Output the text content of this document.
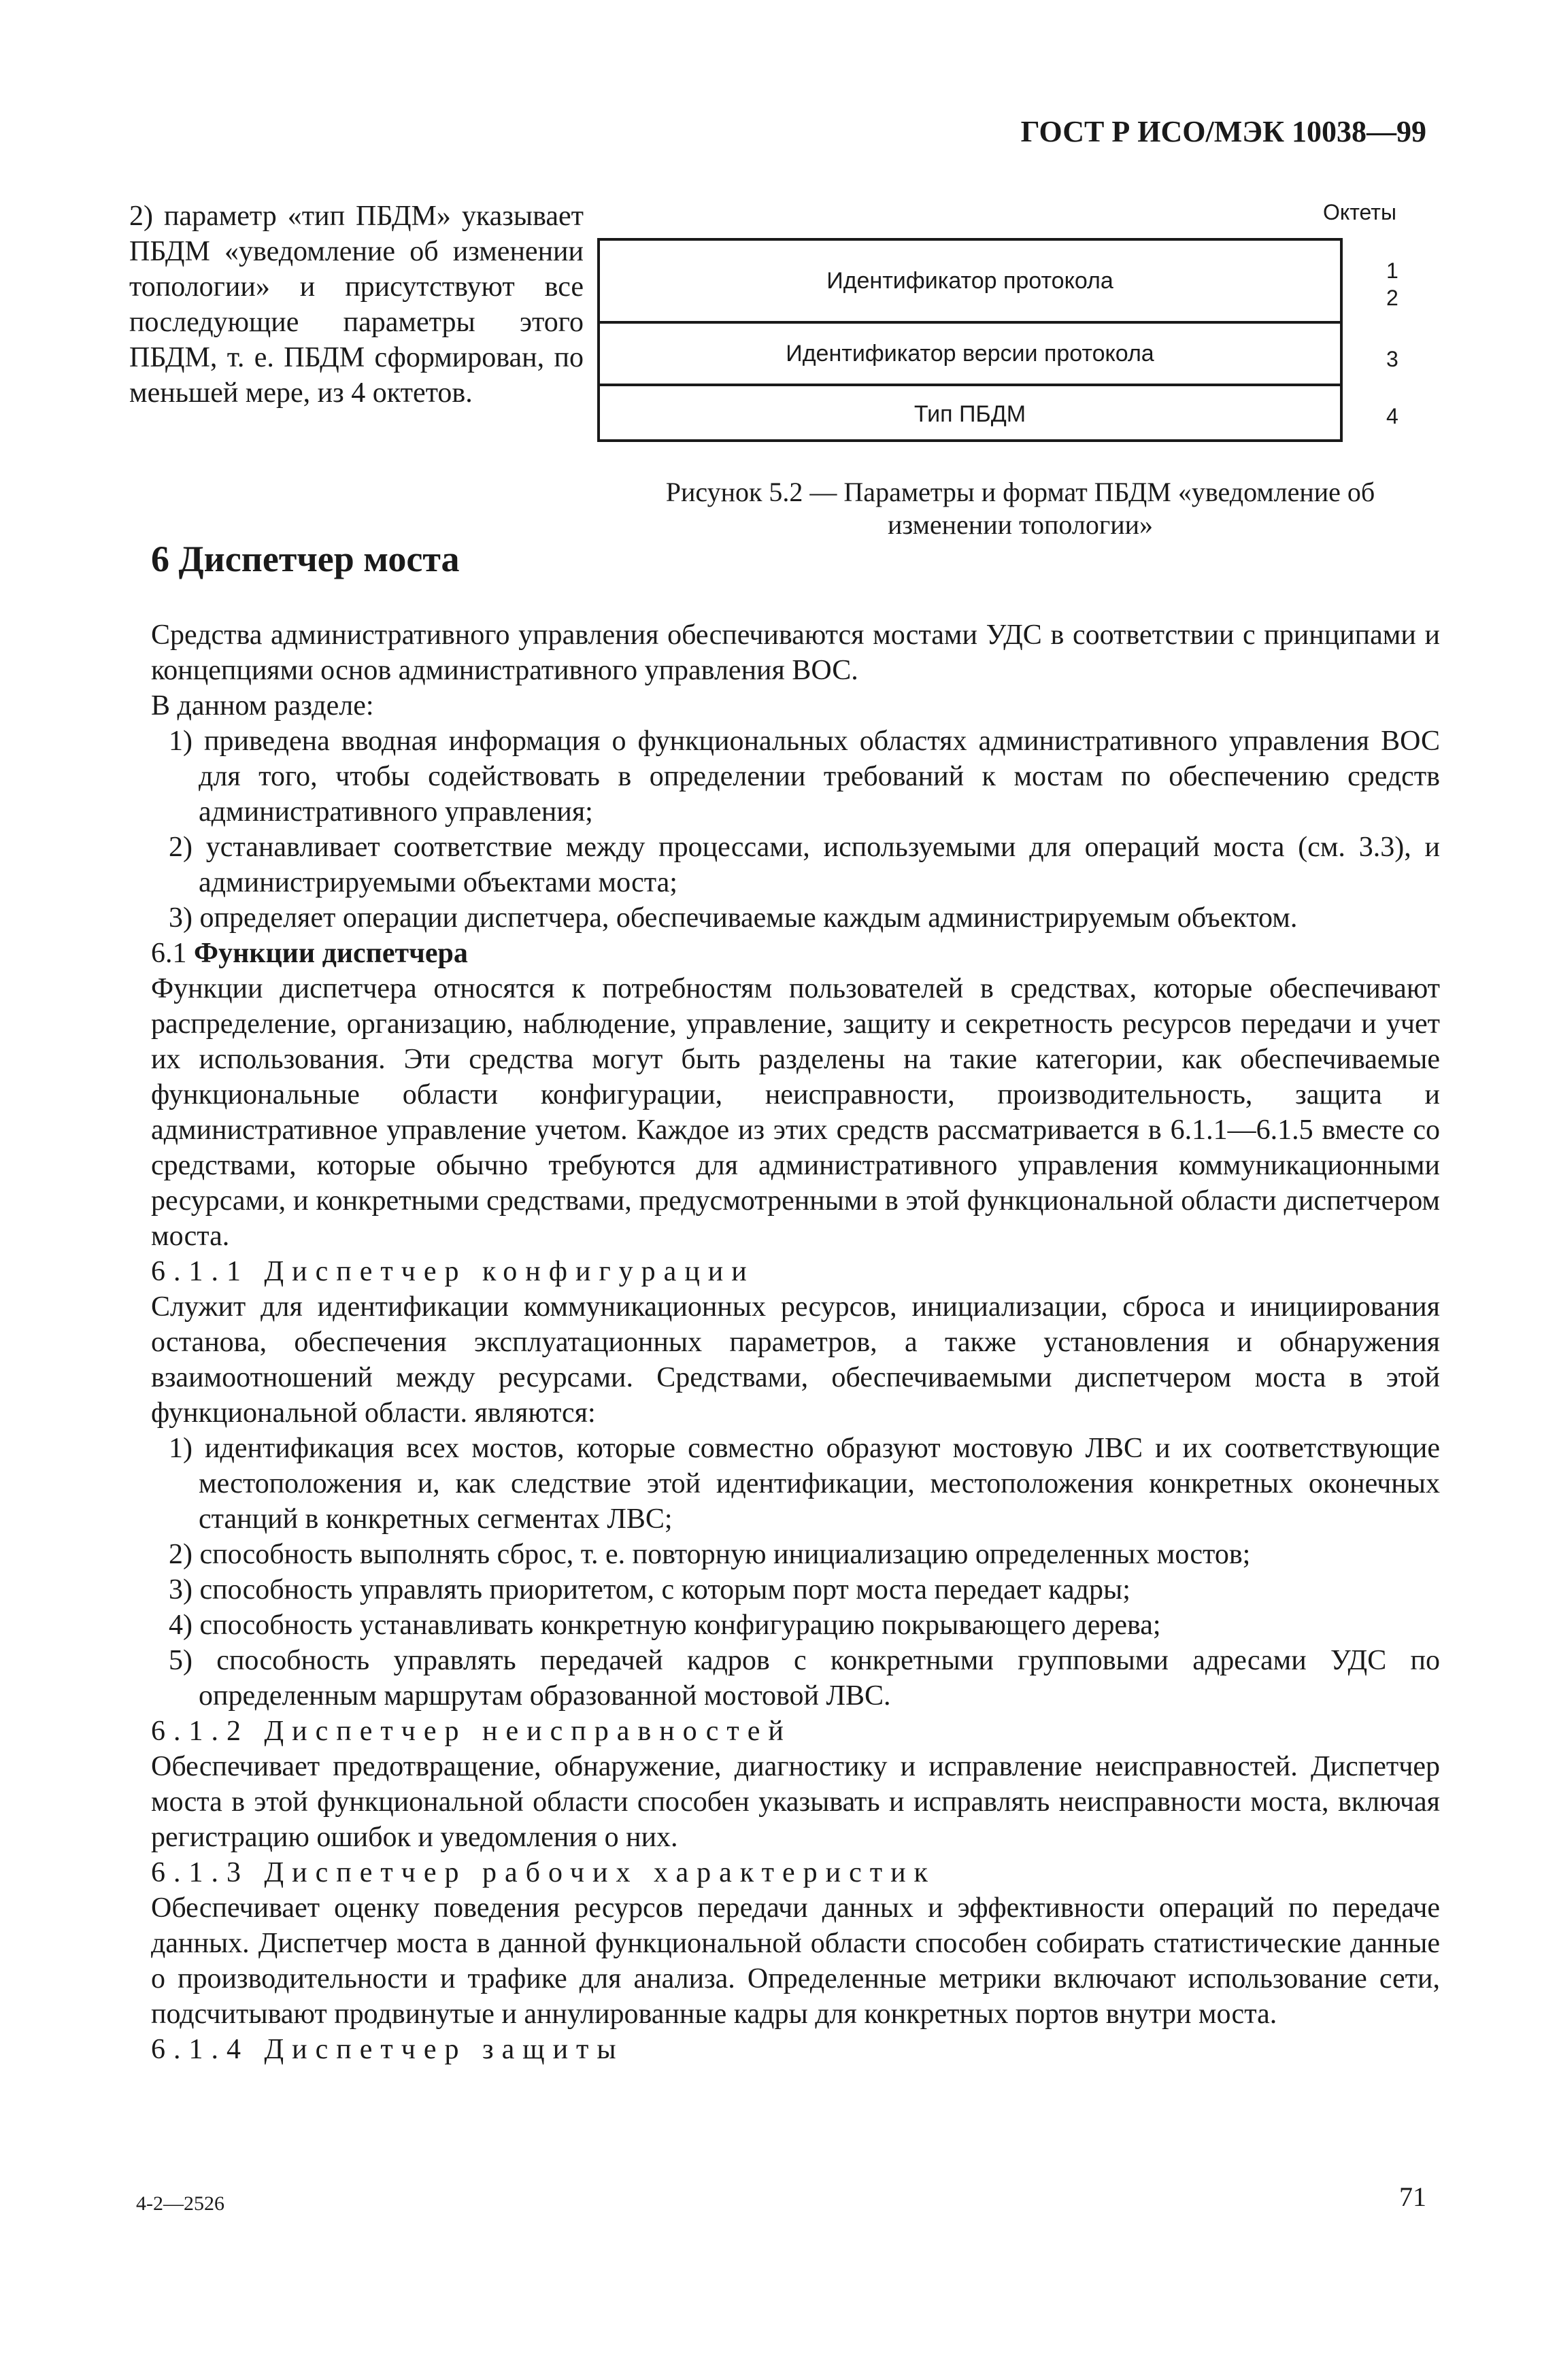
ГОСТ Р ИСО/МЭК 10038—99

2) параметр «тип ПБДМ» указывает ПБДМ «уведомление об изменении топологии» и присутствуют все последующие параметры этого ПБДМ, т. е. ПБДМ сформирован, по меньшей мере, из 4 октетов.

Октеты
Идентификатор протокола
Идентификатор версии протокола
Тип ПБДМ
1
2
3
4
Рисунок 5.2 — Параметры и формат ПБДМ «уведомление об изменении топологии»
6 Диспетчер моста

Средства административного управления обеспечиваются мостами УДС в соответствии с принципами и концепциями основ административного управления ВОС.

В данном разделе:

1) приведена вводная информация о функциональных областях административного управления ВОС для того, чтобы содействовать в определении требований к мостам по обеспечению средств административного управления;

2) устанавливает соответствие между процессами, используемыми для операций моста (см. 3.3), и администрируемыми объектами моста;

3) определяет операции диспетчера, обеспечиваемые каждым администрируемым объектом.

6.1 Функции диспетчера

Функции диспетчера относятся к потребностям пользователей в средствах, которые обеспечивают распределение, организацию, наблюдение, управление, защиту и секретность ресурсов передачи и учет их использования. Эти средства могут быть разделены на такие категории, как обеспечиваемые функциональные области конфигурации, неисправности, производительность, защита и административное управление учетом. Каждое из этих средств рассматривается в 6.1.1—6.1.5 вместе со средствами, которые обычно требуются для административного управления коммуникационными ресурсами, и конкретными средствами, предусмотренными в этой функциональной области диспетчером моста.

6.1.1 Диспетчер конфигурации

Служит для идентификации коммуникационных ресурсов, инициализации, сброса и инициирования останова, обеспечения эксплуатационных параметров, а также установления и обнаружения взаимоотношений между ресурсами. Средствами, обеспечиваемыми диспетчером моста в этой функциональной области. являются:

1) идентификация всех мостов, которые совместно образуют мостовую ЛВС и их соответствующие местоположения и, как следствие этой идентификации, местоположения конкретных оконечных станций в конкретных сегментах ЛВС;

2) способность выполнять сброс, т. е. повторную инициализацию определенных мостов;

3) способность управлять приоритетом, с которым порт моста передает кадры;

4) способность устанавливать конкретную конфигурацию покрывающего дерева;

5) способность управлять передачей кадров с конкретными групповыми адресами УДС по определенным маршрутам образованной мостовой ЛВС.

6.1.2 Диспетчер неисправностей

Обеспечивает предотвращение, обнаружение, диагностику и исправление неисправностей. Диспетчер моста в этой функциональной области способен указывать и исправлять неисправности моста, включая регистрацию ошибок и уведомления о них.

6.1.3 Диспетчер рабочих характеристик

Обеспечивает оценку поведения ресурсов передачи данных и эффективности операций по передаче данных. Диспетчер моста в данной функциональной области способен собирать статистические данные о производительности и трафике для анализа. Определенные метрики включают использование сети, подсчитывают продвинутые и аннулированные кадры для конкретных портов внутри моста.

6.1.4 Диспетчер защиты

4-2—2526	71
